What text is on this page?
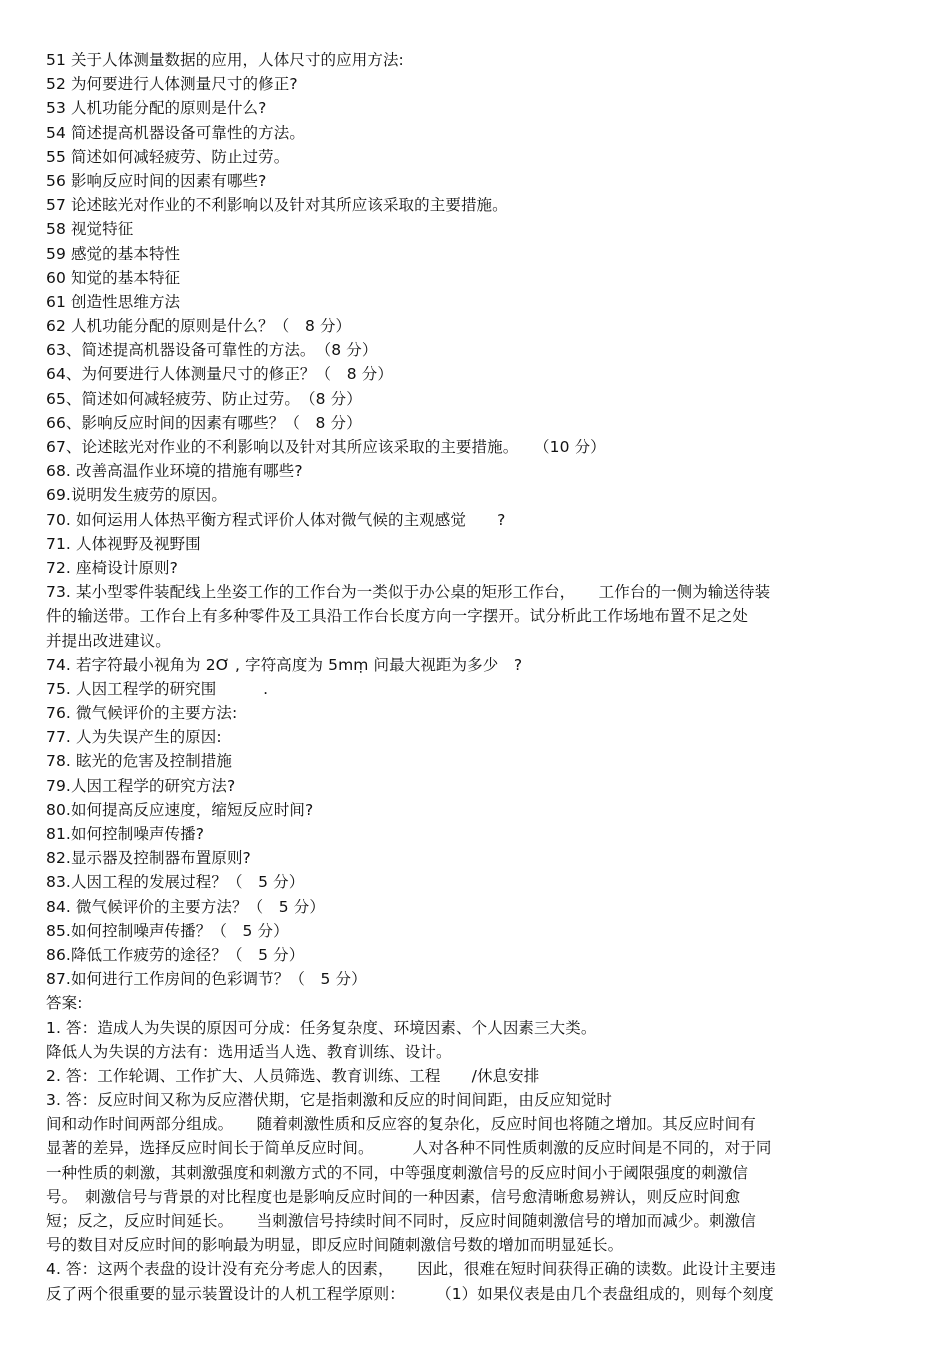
51 关于人体测量数据的应用，人体尺寸的应用方法:
52 为何要进行人体测量尺寸的修正?
53 人机功能分配的原则是什么?
54 简述提高机器设备可靠性的方法。
55 简述如何减轻疲劳、防止过劳。
56 影响反应时间的因素有哪些?
57 论述眩光对作业的不利影响以及针对其所应该采取的主要措施。
58 视觉特征
59 感觉的基本特性
60 知觉的基本特征
61 创造性思维方法
62 人机功能分配的原则是什么？（　8 分）
63、简述提高机器设备可靠性的方法。　（8 分）
64、为何要进行人体测量尺寸的修正？（　8 分）
65、简述如何减轻疲劳、防止过劳。　（8 分）
66、影响反应时间的因素有哪些？（　8 分）
67、论述眩光对作业的不利影响以及针对其所应该采取的主要措施。　　（10 分）
68. 改善高温作业环境的措施有哪些?
69.说明发生疲劳的原因。
70. 如何运用人体热平衡方程式评价人体对微气候的主观感觉　　?
71. 人体视野及视野围
72. 座椅设计原则?
73. 某小型零件装配线上坐姿工作的工作台为一类似于办公桌的矩形工作台，　　工作台的一侧为输送待装
件的输送带。工作台上有多种零件及工具沿工作台长度方向一字摆开。试分析此工作场地布置不足之处
并提出改进建议。
74. 若字符最小视角为 2Ơ , 字符高度为 5mṃ 问最大视距为多少　?
75. 人因工程学的研究围　　　.
76. 微气候评价的主要方法:
77. 人为失误产生的原因:
78. 眩光的危害及控制措施
79.人因工程学的研究方法?
80.如何提高反应速度，缩短反应时间?
81.如何控制噪声传播?
82.显示器及控制器布置原则?
83.人因工程的发展过程？（　5 分）
84. 微气候评价的主要方法？（　5 分）
85.如何控制噪声传播？（　5 分）
86.降低工作疲劳的途径？（　5 分）
87.如何进行工作房间的色彩调节？（　5 分）
答案:
1. 答：造成人为失误的原因可分成：任务复杂度、环境因素、个人因素三大类。
降低人为失误的方法有：选用适当人选、教育训练、设计。
2. 答：工作轮调、工作扩大、人员筛选、教育训练、工程　　/休息安排
3. 答：反应时间又称为反应潜伏期，它是指刺激和反应的时间间距，由反应知觉时
间和动作时间两部分组成。　　随着刺激性质和反应容的复杂化，反应时间也将随之增加。其反应时间有
显著的差异，选择反应时间长于简单反应时间。　　　人对各种不同性质刺激的反应时间是不同的，对于同
一种性质的刺激，其刺激强度和刺激方式的不同，中等强度刺激信号的反应时间小于阈限强度的刺激信
号。　刺激信号与背景的对比程度也是影响反应时间的一种因素，信号愈清晰愈易辨认，则反应时间愈
短；反之，反应时间延长。　　当刺激信号持续时间不同时，反应时间随刺激信号的增加而减少。刺激信
号的数目对反应时间的影响最为明显，即反应时间随刺激信号数的增加而明显延长。
4. 答：这两个表盘的设计没有充分考虑人的因素，　　因此，很难在短时间获得正确的读数。此设计主要违
反了两个很重要的显示装置设计的人机工程学原则：　　　（1）如果仪表是由几个表盘组成的，则每个刻度
